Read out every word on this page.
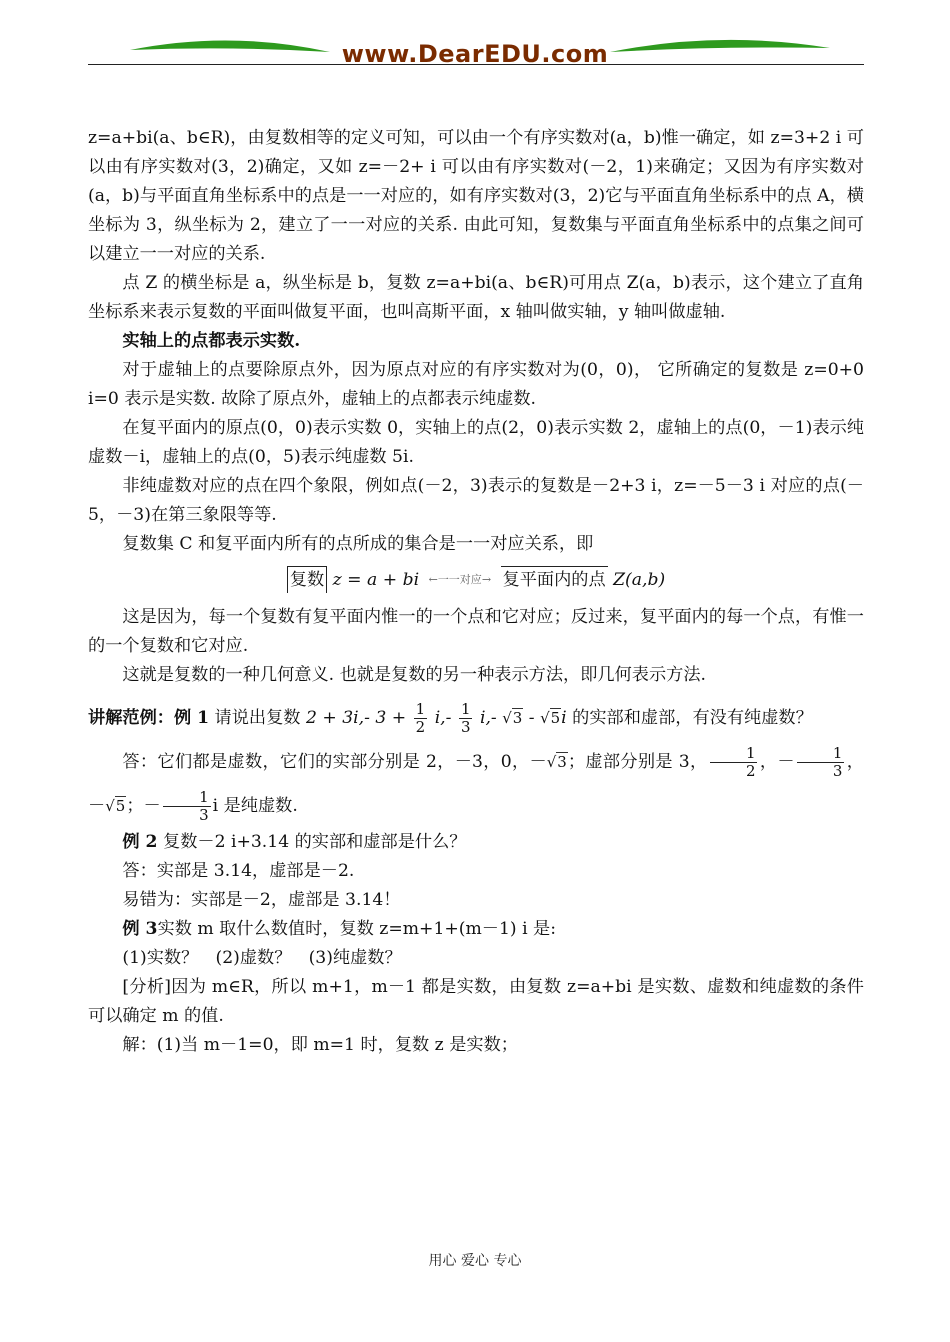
www.DearEDU.com

z=a+bi(a、b∈R)，由复数相等的定义可知，可以由一个有序实数对(a，b)惟一确定，如 z=3+2 i 可以由有序实数对(3，2)确定，又如 z=－2+ i 可以由有序实数对(－2，1)来确定；又因为有序实数对(a，b)与平面直角坐标系中的点是一一对应的，如有序实数对(3，2)它与平面直角坐标系中的点 A，横坐标为 3，纵坐标为 2，建立了一一对应的关系. 由此可知，复数集与平面直角坐标系中的点集之间可以建立一一对应的关系.

点 Z 的横坐标是 a，纵坐标是 b，复数 z=a+bi(a、b∈R)可用点 Z(a，b)表示，这个建立了直角坐标系来表示复数的平面叫做复平面，也叫高斯平面，x 轴叫做实轴，y 轴叫做虚轴.

实轴上的点都表示实数.

对于虚轴上的点要除原点外，因为原点对应的有序实数对为(0，0)， 它所确定的复数是 z=0+0 i=0 表示是实数. 故除了原点外，虚轴上的点都表示纯虚数.

在复平面内的原点(0，0)表示实数 0，实轴上的点(2，0)表示实数 2，虚轴上的点(0，－1)表示纯虚数－i，虚轴上的点(0，5)表示纯虚数 5i.

非纯虚数对应的点在四个象限，例如点(－2，3)表示的复数是－2+3 i，z=－5－3 i 对应的点(－5，－3)在第三象限等等.

复数集 C 和复平面内所有的点所成的集合是一一对应关系，即

复数 z = a + bi ←一一对应→ 复平面内的点 Z(a,b)

这是因为，每一个复数有复平面内惟一的一个点和它对应；反过来，复平面内的每一个点，有惟一的一个复数和它对应.

这就是复数的一种几何意义. 也就是复数的另一种表示方法，即几何表示方法.

讲解范例：例 1 请说出复数 2 + 3i,- $3 + \frac{1}{2} i,- \frac{1}{3} i,-$ √3 - √5i 的实部和虚部，有没有纯虚数？

答：它们都是虚数，它们的实部分别是 2，－3，0，－√3；虚部分别是 3， $\frac{1}{2}$ ，－ $\frac{1}{3}$ ， －√5；－ $\frac{1}{3}$ i 是纯虚数.

例 2 复数－2 i+3.14 的实部和虚部是什么？

答：实部是 3.14，虚部是－2.

易错为：实部是－2，虚部是 3.14！

例 3实数 m 取什么数值时，复数 z=m+1+(m－1) i 是:

(1)实数？　(2)虚数？　(3)纯虚数？

[分析]因为 m∈R，所以 m+1，m－1 都是实数，由复数 z=a+bi 是实数、虚数和纯虚数的条件可以确定 m 的值.

解：(1)当 m－1=0，即 m=1 时，复数 z 是实数；

用心 爱心 专心
